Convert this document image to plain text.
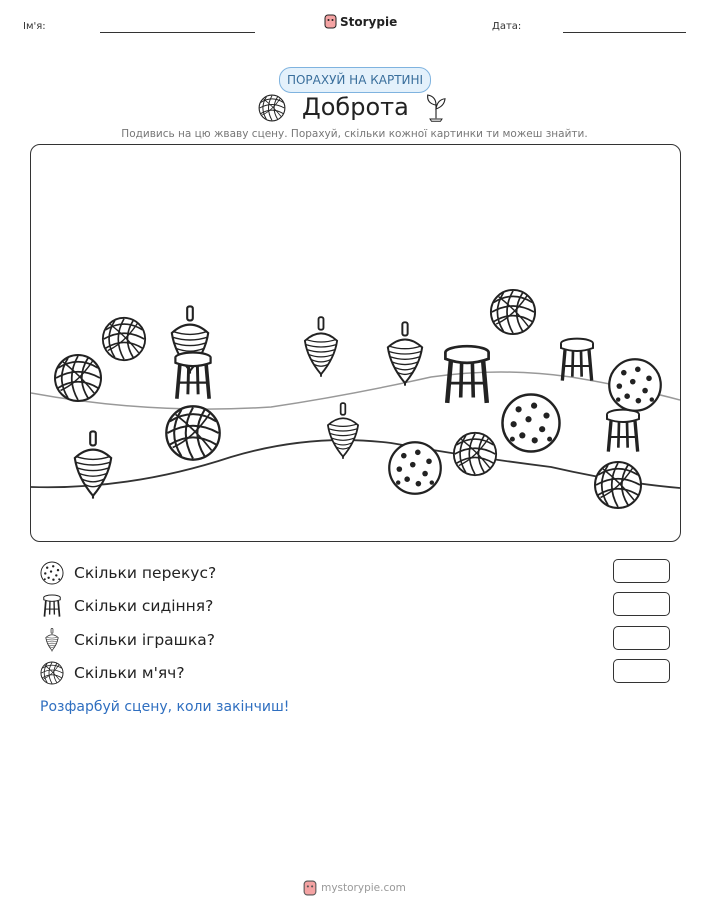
Ім'я:	Storypie	Дата:
ПОРАХУЙ НА КАРТИНІ
Доброта
Подивись на цю жваву сцену. Порахуй, скільки кожної картинки ти можеш знайти.
Скільки перекус?
Скільки сидіння?
Скільки іграшка?
Скільки м'яч?
Розфарбуй сцену, коли закінчиш!
mystorypie.com
